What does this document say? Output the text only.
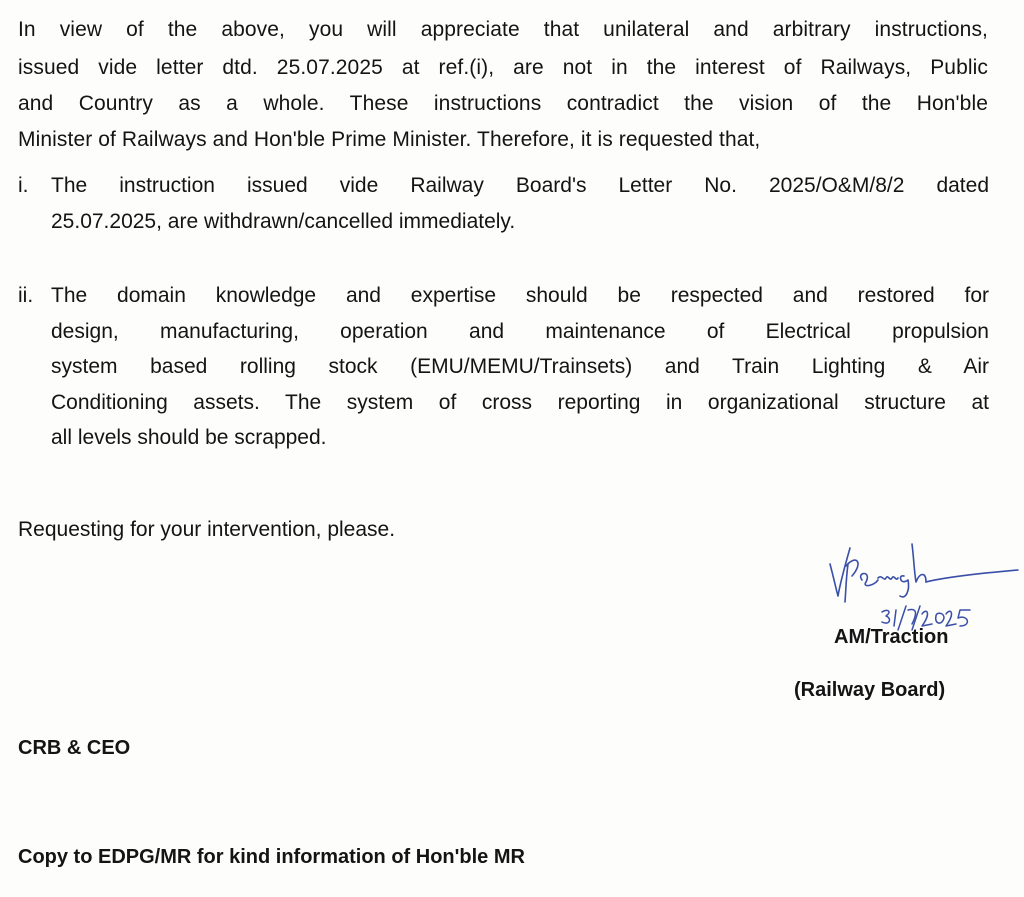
In view of the above, you will appreciate that unilateral and arbitrary instructions,
issued vide letter dtd. 25.07.2025 at ref.(i), are not in the interest of Railways, Public
and Country as a whole. These instructions contradict the vision of the Hon'ble
Minister of Railways and Hon'ble Prime Minister. Therefore, it is requested that,
i.	The instruction issued vide Railway Board's Letter No. 2025/O&M/8/2 dated
25.07.2025, are withdrawn/cancelled immediately.
ii. The domain knowledge and expertise should be respected and restored for
design, manufacturing, operation and maintenance of Electrical propulsion
system based rolling stock (EMU/MEMU/Trainsets) and Train Lighting & Air
Conditioning assets. The system of cross reporting in organizational structure at
all levels should be scrapped.
Requesting for your intervention, please.
AM/Traction
(Railway Board)
CRB & CEO
Copy to EDPG/MR for kind information of Hon'ble MR
